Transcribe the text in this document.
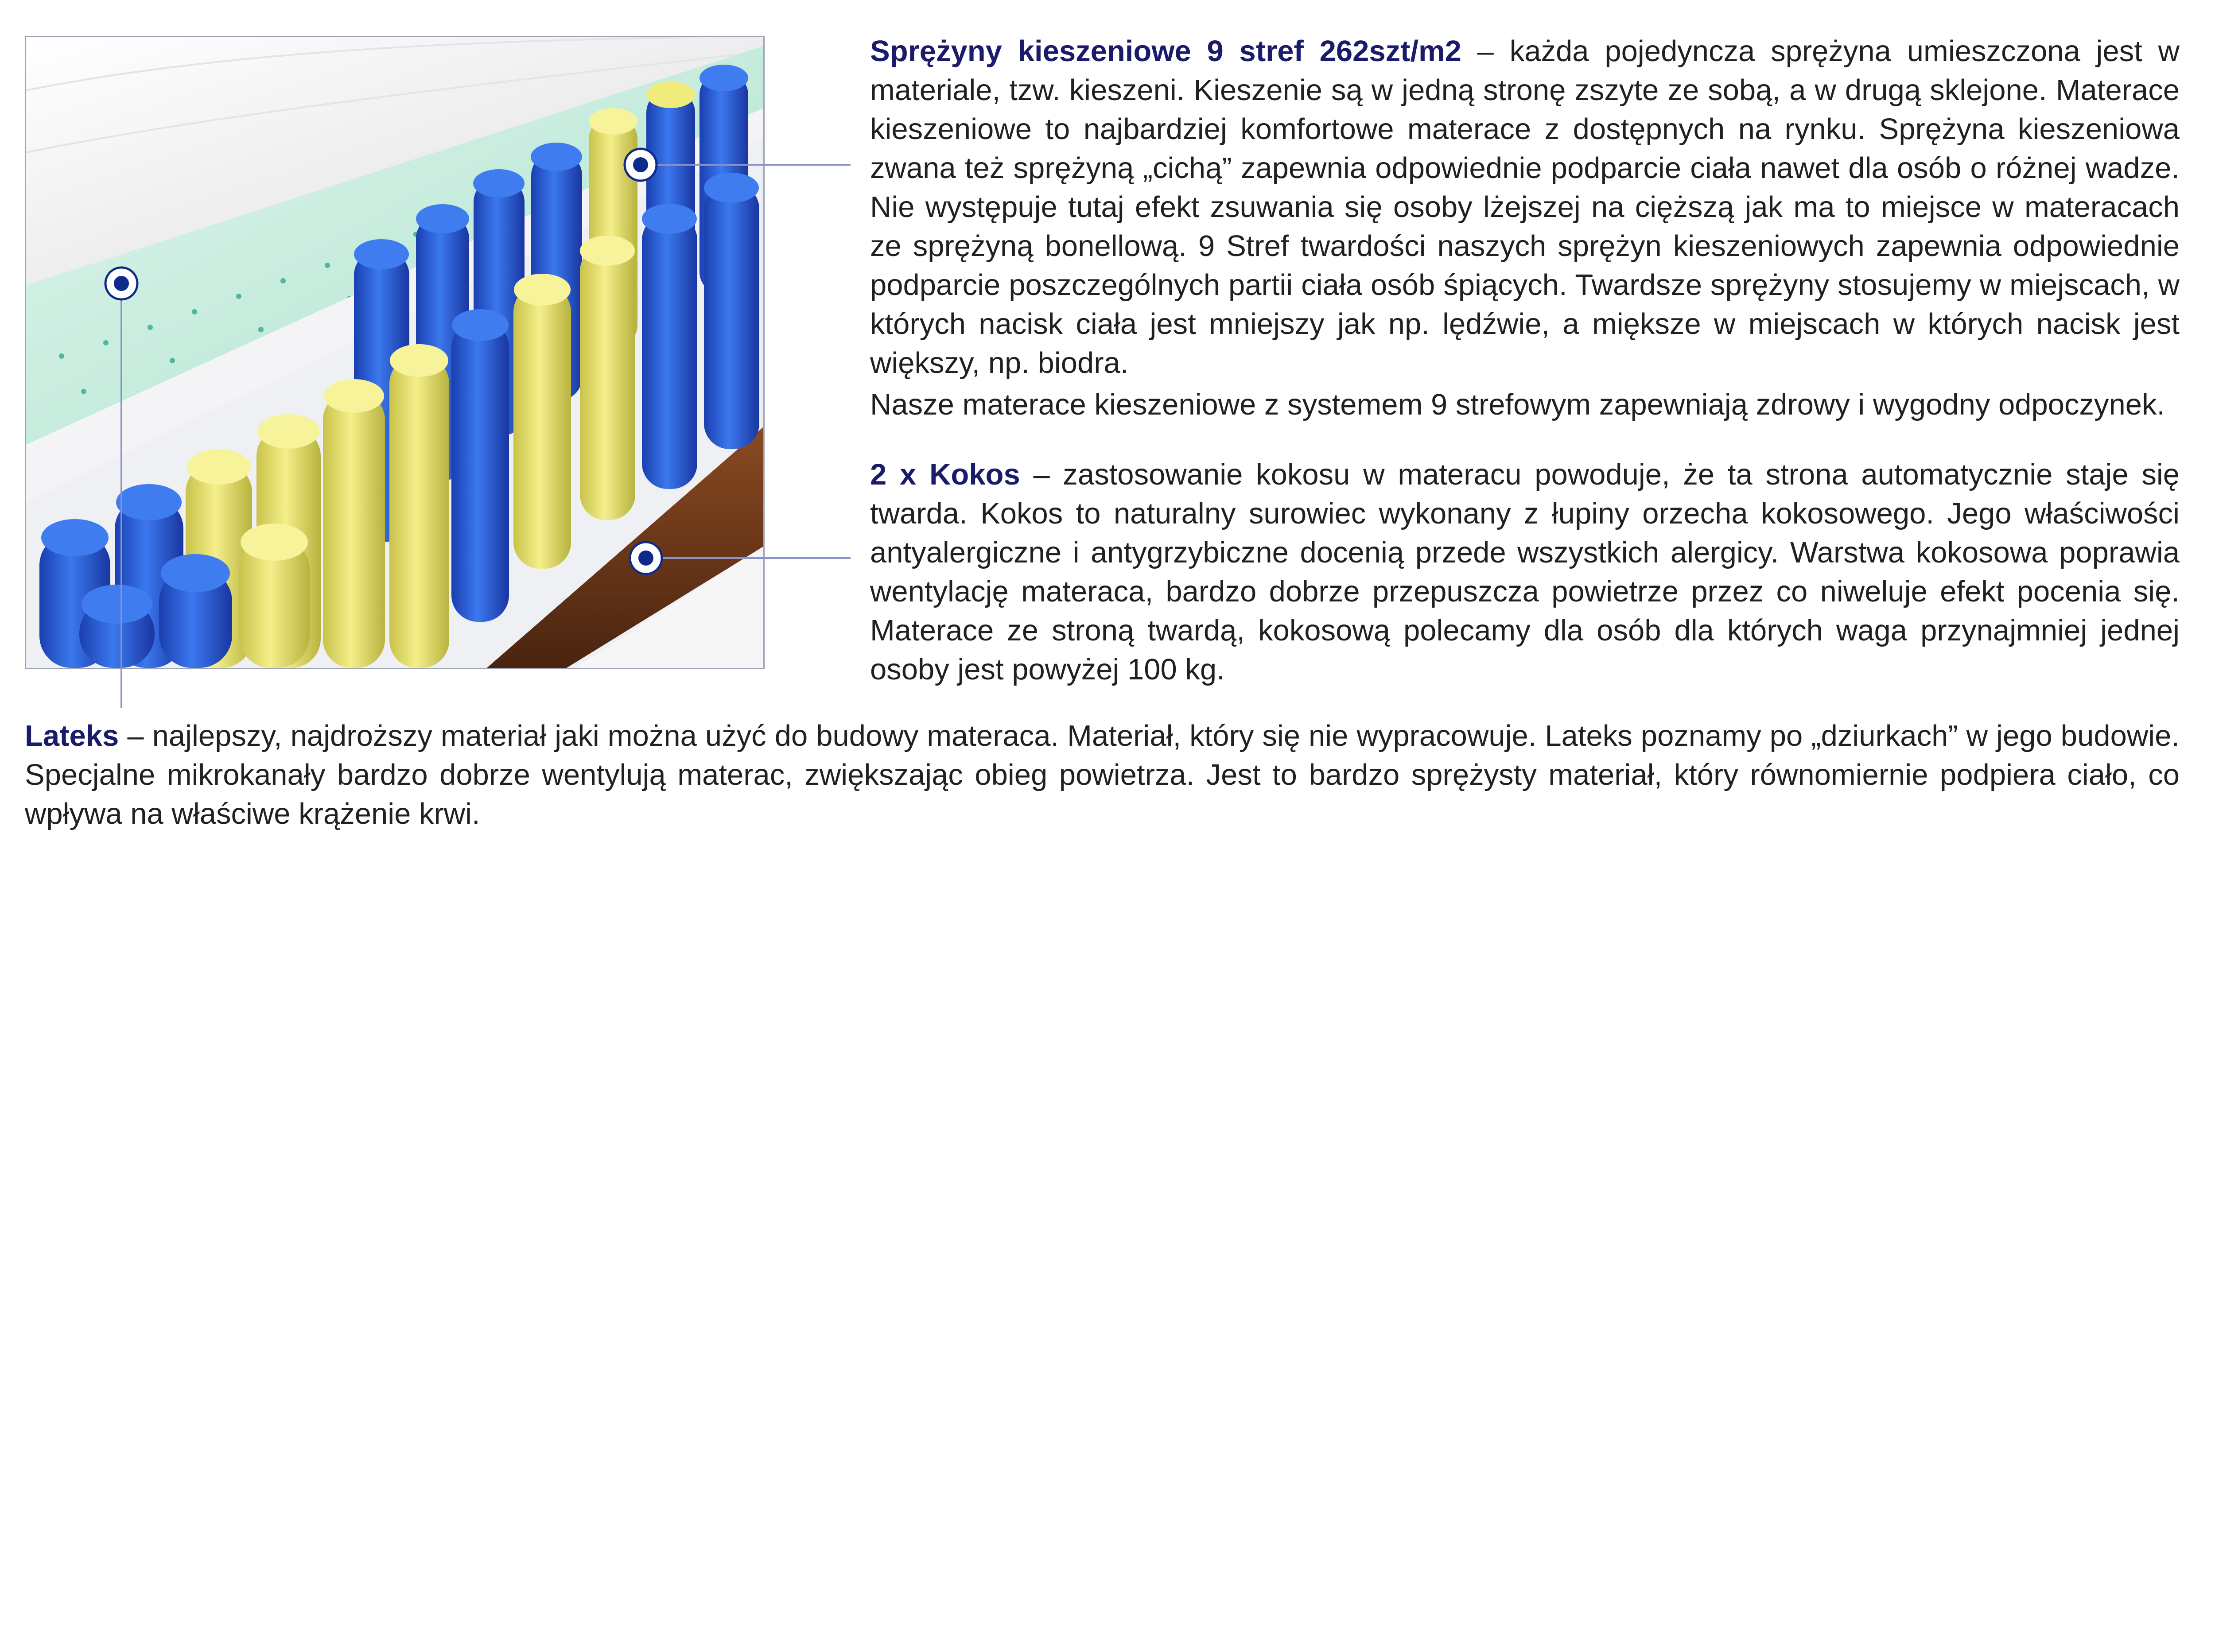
Sprężyny kieszeniowe 9 stref 262szt/m2 – każda pojedyncza sprężyna umieszczona jest w materiale, tzw. kieszeni. Kieszenie są w jedną stronę zszyte ze sobą, a w drugą sklejone. Materace kieszeniowe to najbardziej komfortowe materace z dostępnych na rynku. Sprężyna kieszeniowa zwana też sprężyną „cichą” zapewnia odpowiednie podparcie ciała nawet dla osób o różnej wadze. Nie występuje tutaj efekt zsuwania się osoby lżejszej na cięższą jak ma to miejsce w materacach ze sprężyną bonellową. 9 Stref twardości naszych sprężyn kieszeniowych zapewnia odpowiednie podparcie poszczególnych partii ciała osób śpiących. Twardsze sprężyny stosujemy w miejscach, w których nacisk ciała jest mniejszy jak np. lędźwie, a miększe w miejscach w których nacisk jest większy, np. biodra.

Nasze materace kieszeniowe z systemem 9 strefowym zapewniają zdrowy i wygodny odpoczynek.

2 x Kokos – zastosowanie kokosu w materacu powoduje, że ta strona automatycznie staje się twarda. Kokos to naturalny surowiec wykonany z łupiny orzecha kokosowego. Jego właściwości antyalergiczne i antygrzybiczne docenią przede wszystkich alergicy. Warstwa kokosowa poprawia wentylację materaca, bardzo dobrze przepuszcza powietrze przez co niweluje efekt pocenia się. Materace ze stroną twardą, kokosową polecamy dla osób dla których waga przynajmniej jednej osoby jest powyżej 100 kg.

Lateks – najlepszy, najdroższy materiał jaki można użyć do budowy materaca. Materiał, który się nie wypracowuje. Lateks poznamy po „dziurkach” w jego budowie. Specjalne mikrokanały bardzo dobrze wentylują materac, zwiększając obieg powietrza. Jest to bardzo sprężysty materiał, który równomiernie podpiera ciało, co wpływa na właściwe krążenie krwi.
